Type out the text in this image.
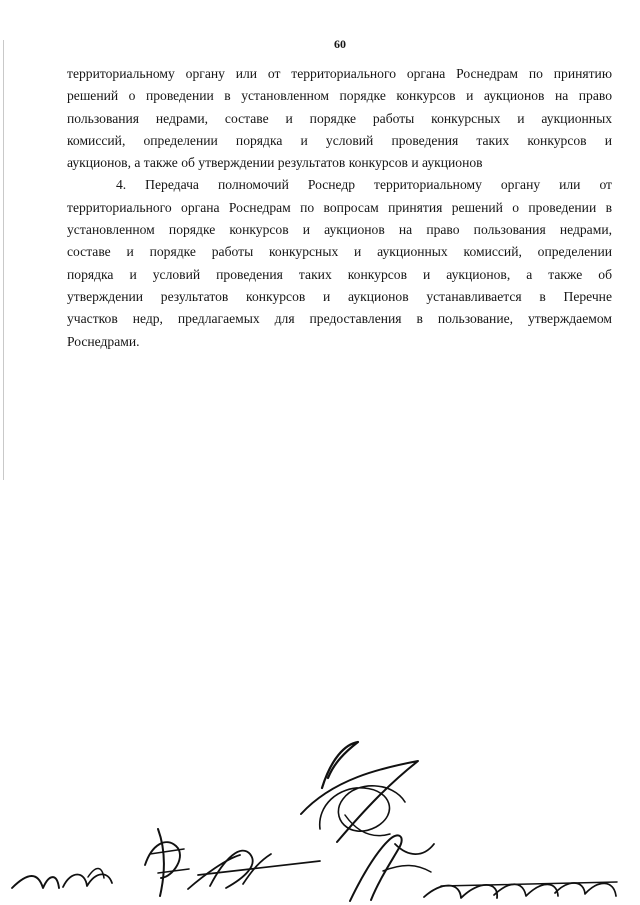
60
территориальному органу или от территориального органа Роснедрам по принятию
решений о проведении в установленном порядке конкурсов и аукционов на право
пользования недрами, составе и порядке работы конкурсных и аукционных
комиссий, определении порядка и условий проведения таких конкурсов и
аукционов, а также об утверждении результатов конкурсов и аукционов
4. Передача полномочий Роснедр территориальному органу или от
территориального органа Роснедрам по вопросам принятия решений о проведении в
установленном порядке конкурсов и аукционов на право пользования недрами,
составе и порядке работы конкурсных и аукционных комиссий, определении
порядка и условий проведения таких конкурсов и аукционов, а также об
утверждении результатов конкурсов и аукционов устанавливается в Перечне
участков недр, предлагаемых для предоставления в пользование, утверждаемом
Роснедрами.
